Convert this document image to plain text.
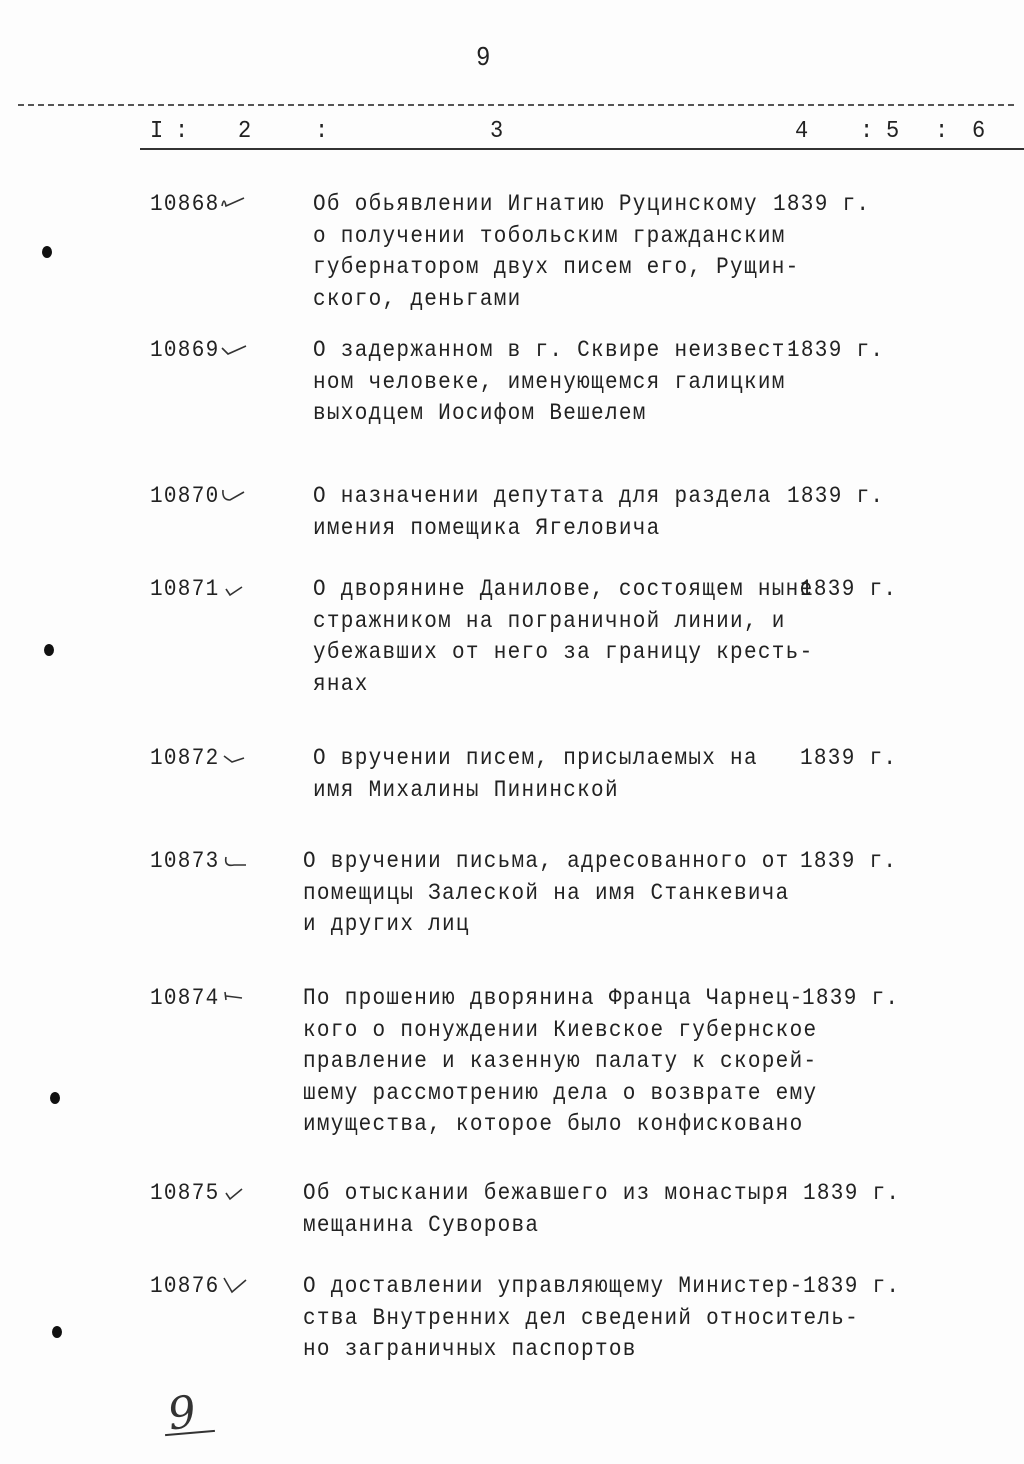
9
I : 2	:	3	4 : 5 : 6
10868	Об обьявлении Игнатию Руцинскому
о получении тобольским гражданским
губернатором двух писем его, Рущин-
ского, деньгами
1839 г.
10869	О задержанном в г. Сквире неизвест-
ном человеке, именующемся галицким
выходцем Иосифом Вешелем
1839 г.
10870	О назначении депутата для раздела
имения помещика Ягеловича
1839 г.
10871	О дворянине Данилове, состоящем ныне
стражником на пограничной линии, и
убежавших от него за границу кресть-
янах
1839 г.
10872	О вручении писем, присылаемых на
имя Михалины Пининской
1839 г.
10873	О вручении письма, адресованного от
помещицы Залеской на имя Станкевича
и других лиц
1839 г.
10874	По прошению дворянина Франца Чарнец-
кого о понуждении Киевское губернское
правление и казенную палату к скорей-
шему рассмотрению дела о возврате ему
имущества, которое было конфисковано
1839 г.
10875	Об отыскании бежавшего из монастыря
мещанина Суворова
1839 г.
10876	О доставлении управляющему Министер-
ства Внутренних дел сведений относитель-
но заграничных паспортов
1839 г.
9
